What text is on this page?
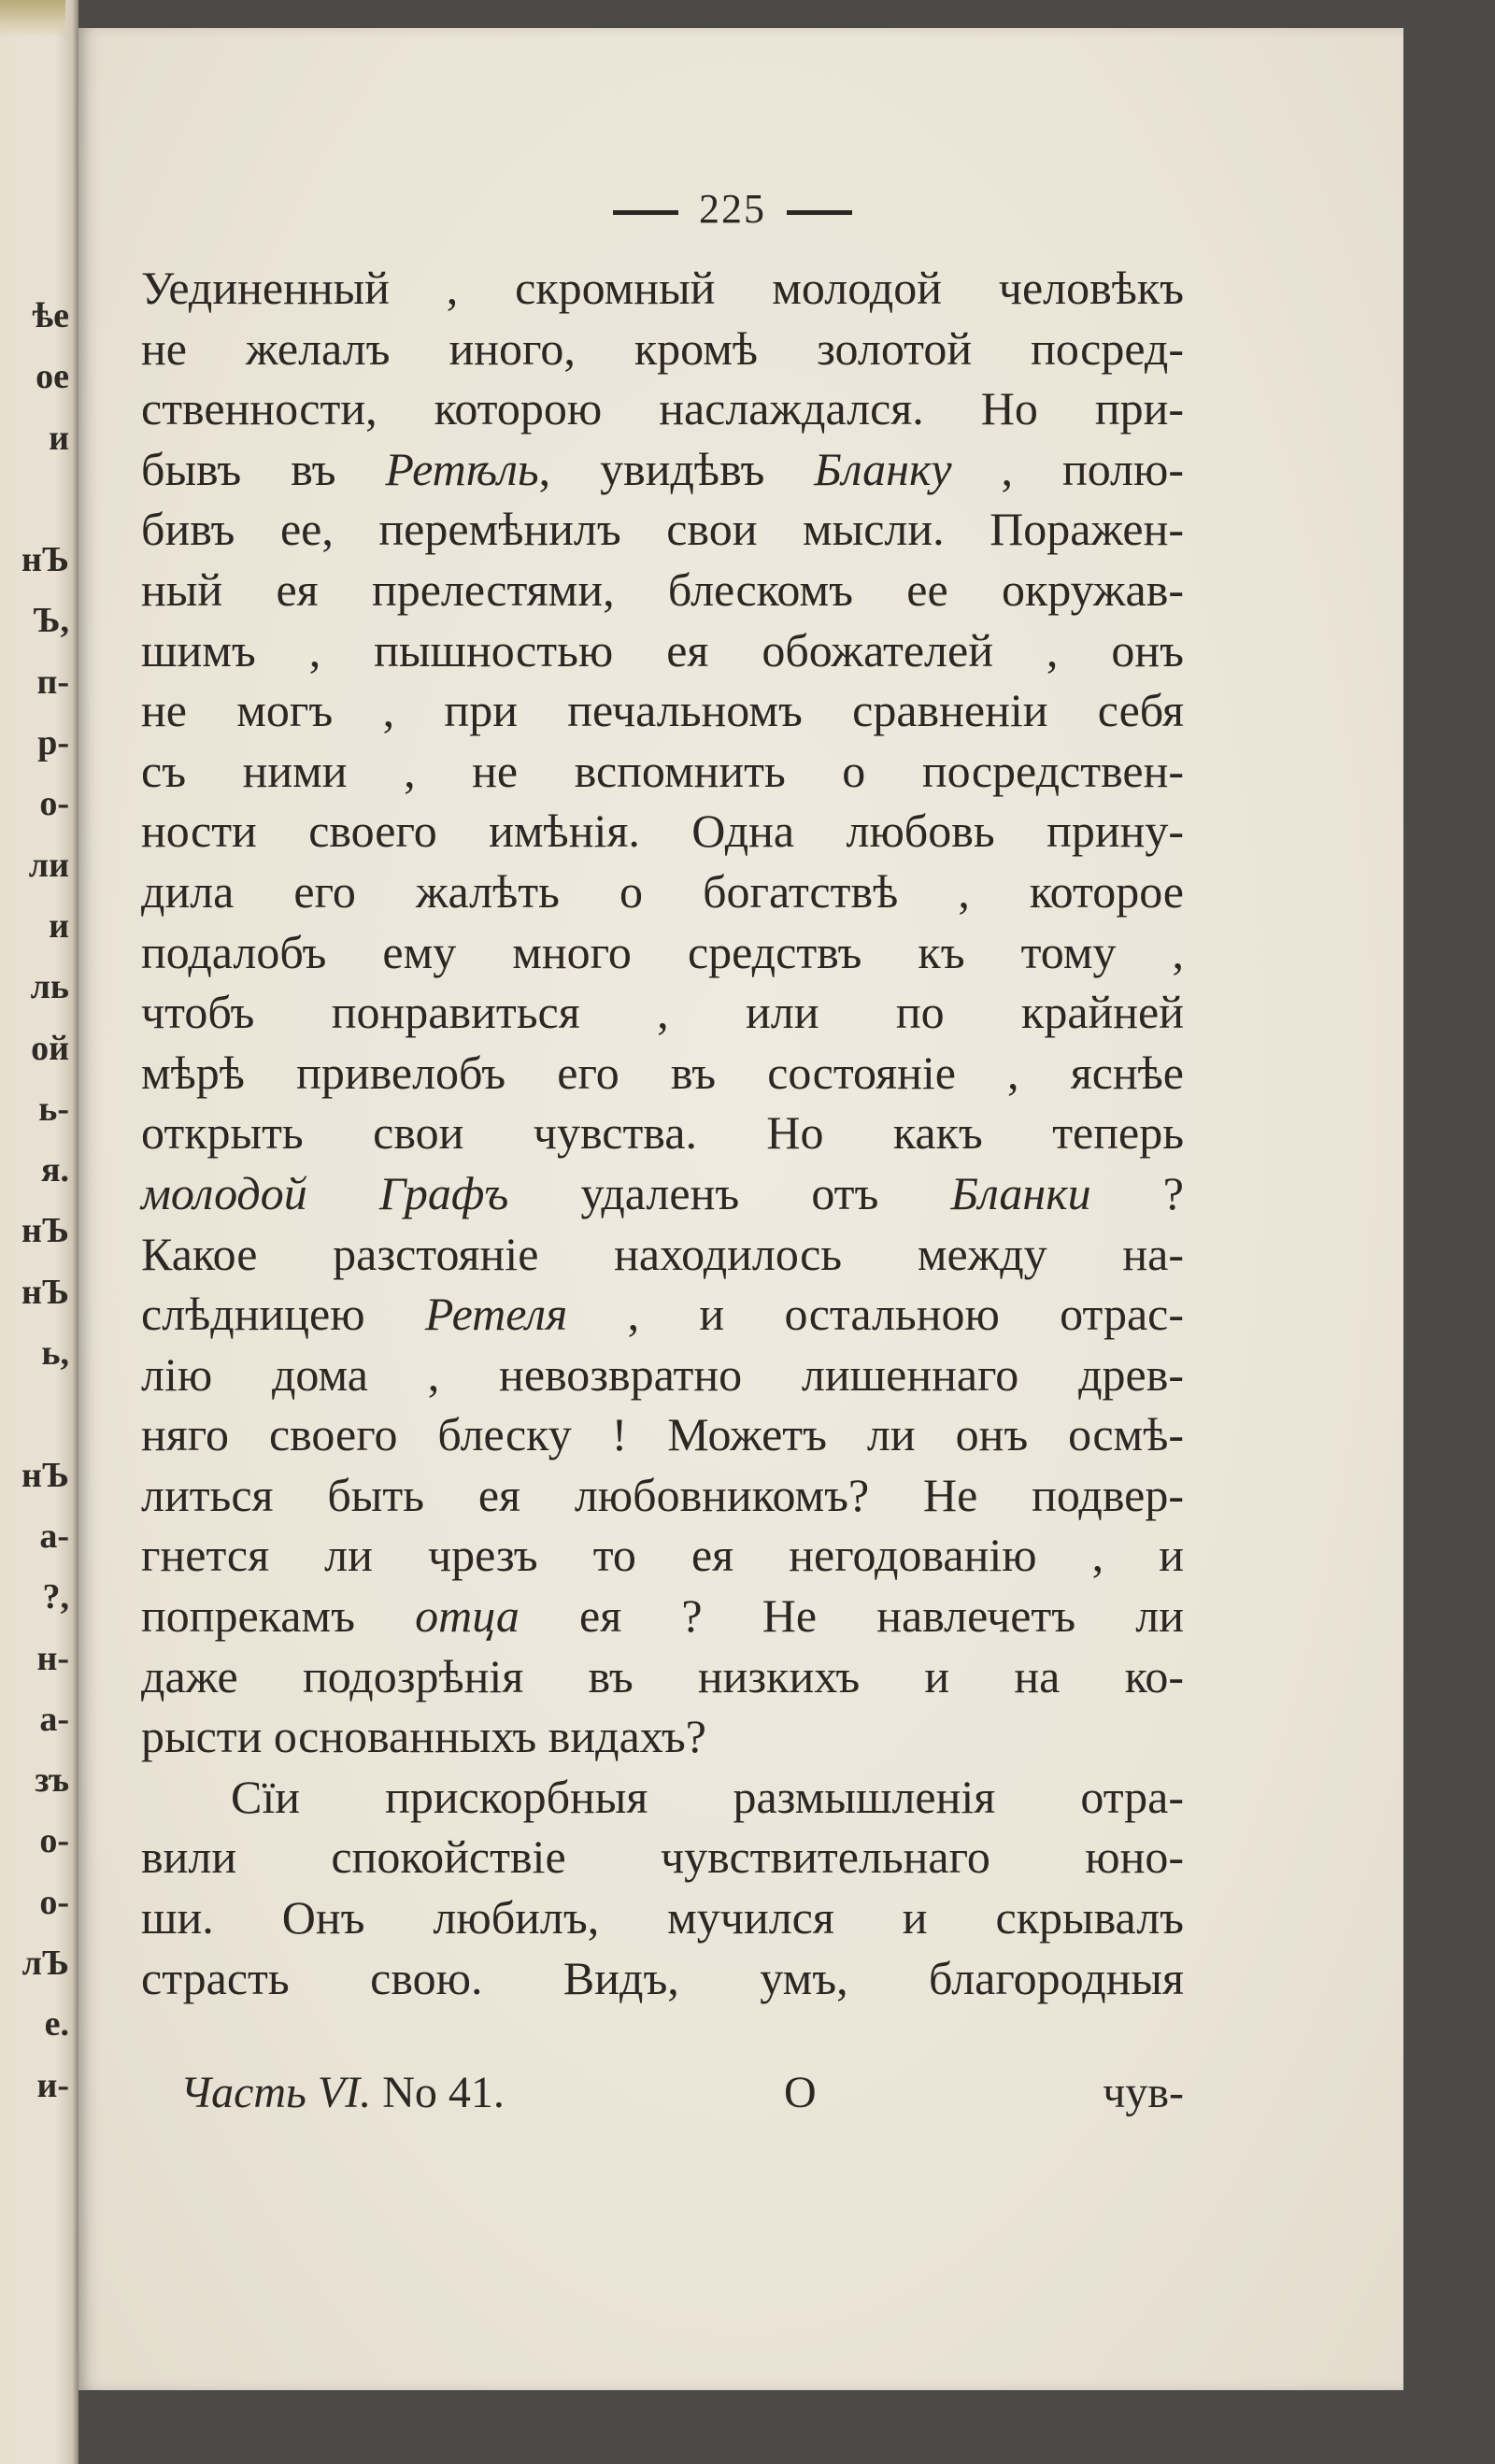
ѣе
ое
и
нЪ
Ъ,
п-
р-
о-
ли
и
ль
ой
ь-
я.
нЪ
нЪ
ь,
нЪ
а-
?,
н-
а-
зъ
о-
о-
лЪ
е.
и-
225
Уединенный , скромный молодой человѣкъ
не желалъ иного, кромѣ золотой посред-
ственности, которою наслаждался. Но при-
бывъ въ Ретѣль, увидѣвъ Бланку , полю-
бивъ ее, перемѣнилъ свои мысли. Поражен-
ный ея прелестями, блескомъ ее окружав-
шимъ , пышностью ея обожателей , онъ
не могъ , при печальномъ сравненіи себя
съ ними , не вспомнить о посредствен-
ности своего имѣнія. Одна любовь прину-
дила его жалѣть о богатствѣ , которое
подалобъ ему много средствъ къ тому ,
чтобъ понравиться , или по крайней
мѣрѣ привелобъ его въ состояніе , яснѣе
открыть свои чувства. Но какъ теперь
молодой Графъ удаленъ отъ Бланки ?
Какое разстояніе находилось между на-
слѣдницею Ретеля , и остальною отрас-
лію дома , невозвратно лишеннаго древ-
няго своего блеску ! Можетъ ли онъ осмѣ-
литься быть ея любовникомъ? Не подвер-
гнется ли чрезъ то ея негодованію , и
попрекамъ отца ея ? Не навлечетъ ли
даже подозрѣнія въ низкихъ и на ко-
рысти основанныхъ видахъ?
Сїи прискорбныя размышленія отра-
вили спокойствіе чувствительнаго юно-
ши. Онъ любилъ, мучился и скрывалъ
страсть свою. Видъ, умъ, благородныя
Часть VI. No 41.	О	чув-
